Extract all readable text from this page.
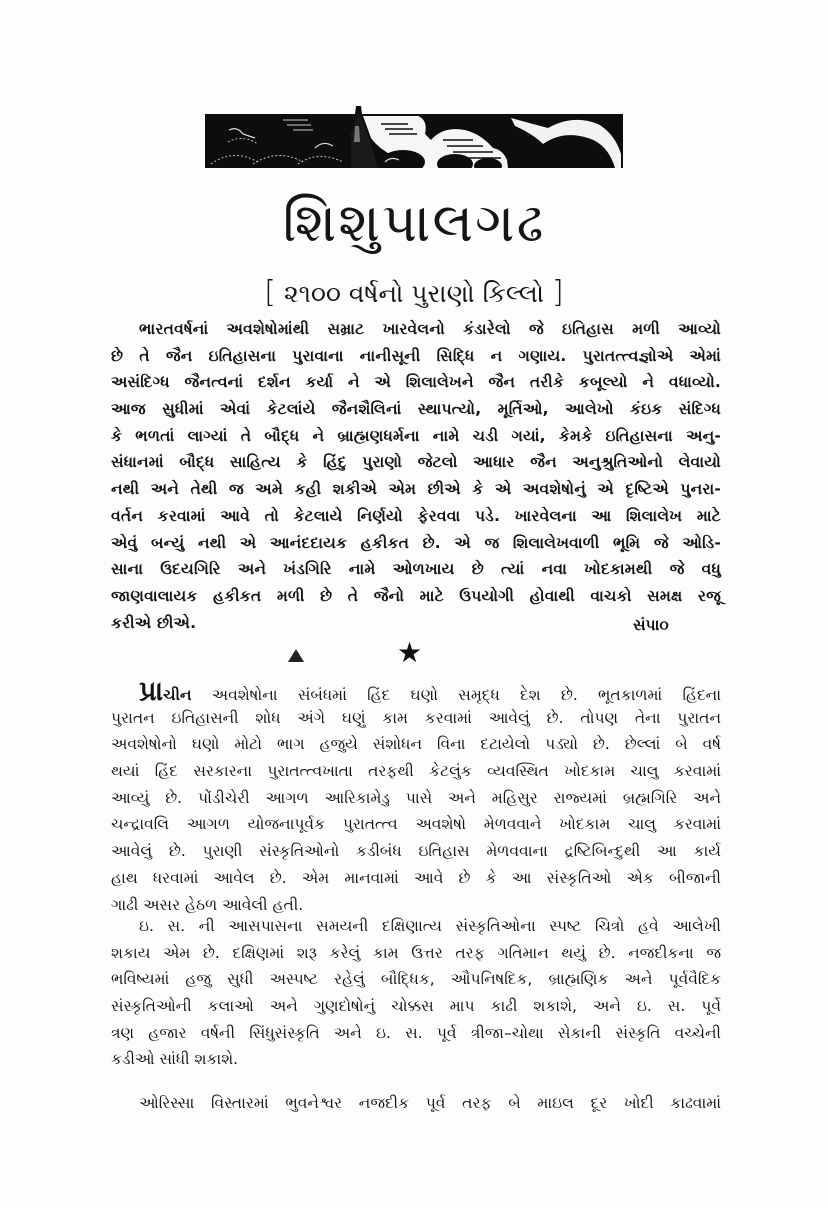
શિશુપાલગઢ
[ ૨૧૦૦ વર્ષનો પુરાણો કિલ્લો ]
ભારતવર્ષનાં અવશેષોમાંથી સમ્રાટ ખારવેલનો કંડારેલો જે ઇતિહાસ મળી આવ્યો
છે તે જૈન ઇતિહાસના પુરાવાના નાનીસૂની સિદ્ધિ ન ગણાય. પુરાતત્ત્વજ્ઞોએ એમાં
અસંદિગ્ધ જૈનત્વનાં દર્શન કર્યા ને એ શિલાલેખને જૈન તરીકે કબૂલ્યો ને વધાવ્યો.
આજ સુધીમાં એવાં કેટલાંયે જૈનશૈલિનાં સ્થાપત્યો, મૂર્તિઓ, આલેખો કંઇક સંદિગ્ધ
કે ભળતાં લાગ્યાં તે બૌદ્ધ ને બ્રાહ્મણધર્મના નામે ચડી ગયાં, કેમકે ઇતિહાસના અનુ-
સંધાનમાં બૌદ્ધ સાહિત્ય કે હિંદુ પુરાણો જેટલો આધાર જૈન અનુશ્રુતિઓનો લેવાયો
નથી અને તેથી જ અમે કહી શકીએ એમ છીએ કે એ અવશેષોનું એ દૃષ્ટિએ પુનરા-
વર્તન કરવામાં આવે તો કેટલાયે નિર્ણયો ફેરવવા પડે. ખારવેલના આ શિલાલેખ માટે
એવું બન્યું નથી એ આનંદદાયક હકીકત છે. એ જ શિલાલેખવાળી ભૂમિ જે ઓડિ-
સાના ઉદયગિરિ અને ખંડગિરિ નામે ઓળખાય છે ત્યાં નવા ખોદકામથી જે વધુ
જાણવાલાયક હકીકત મળી છે તે જૈનો માટે ઉપયોગી હોવાથી વાચકો સમક્ષ રજૂ
કરીએ છીએ.	સંપા૦
★
પ્રાચીન અવશેષોના સંબંધમાં હિંદ ઘણો સમૃદ્ધ દેશ છે. ભૂતકાળમાં હિંદના
પુરાતન ઇતિહાસની શોધ અંગે ઘણું કામ કરવામાં આવેલું છે. તોપણ તેના પુરાતન
અવશેષોનો ઘણો મોટો ભાગ હજુયે સંશોધન વિના દટાયેલો પડ્યો છે. છેલ્લાં બે વર્ષ
થયાં હિંદ સરકારના પુરાતત્ત્વખાતા તરફથી કેટલુંક વ્યવસ્થિત ખોદકામ ચાલુ કરવામાં
આવ્યું છે. પોંડીચેરી આગળ આરિકામેડુ પાસે અને મહિસુર રાજ્યમાં બ્રહ્મગિરિ અને
ચન્દ્રાવલિ આગળ યોજનાપૂર્વક પુરાતત્ત્વ અવશેષો મેળવવાને ખોદકામ ચાલુ કરવામાં
આવેલું છે. પુરાણી સંસ્કૃતિઓનો કડીબંધ ઇતિહાસ મેળવવાના દ્રષ્ટિબિન્દુથી આ કાર્ય
હાથ ધરવામાં આવેલ છે. એમ માનવામાં આવે છે કે આ સંસ્કૃતિઓ એક બીજાની
ગાઢી અસર હેઠળ આવેલી હતી.
ઇ. સ. ની આસપાસના સમયની દક્ષિણાત્ય સંસ્કૃતિઓના સ્પષ્ટ ચિત્રો હવે આલેખી
શકાય એમ છે. દક્ષિણમાં શરૂ કરેલું કામ ઉત્તર તરફ ગતિમાન થયું છે. નજદીકના જ
ભવિષ્યમાં હજુ સુધી અસ્પષ્ટ રહેલું બૌદ્ધિક, ઔપનિષદિક, બ્રાહ્મણિક અને પૂર્વવૈદિક
સંસ્કૃતિઓની કલાઓ અને ગુણદોષોનું ચોક્કસ માપ કાઢી શકાશે, અને ઇ. સ. પૂર્વે
ત્રણ હજાર વર્ષની સિંધુસંસ્કૃતિ અને ઇ. સ. પૂર્વ ત્રીજા–ચોથા સેકાની સંસ્કૃતિ વચ્ચેની
કડીઓ સાંધી શકાશે.
ઓરિસ્સા વિસ્તારમાં ભુવનેશ્વર નજદીક પૂર્વ તરફ બે માઇલ દૂર ખોદી કાઢવામાં
